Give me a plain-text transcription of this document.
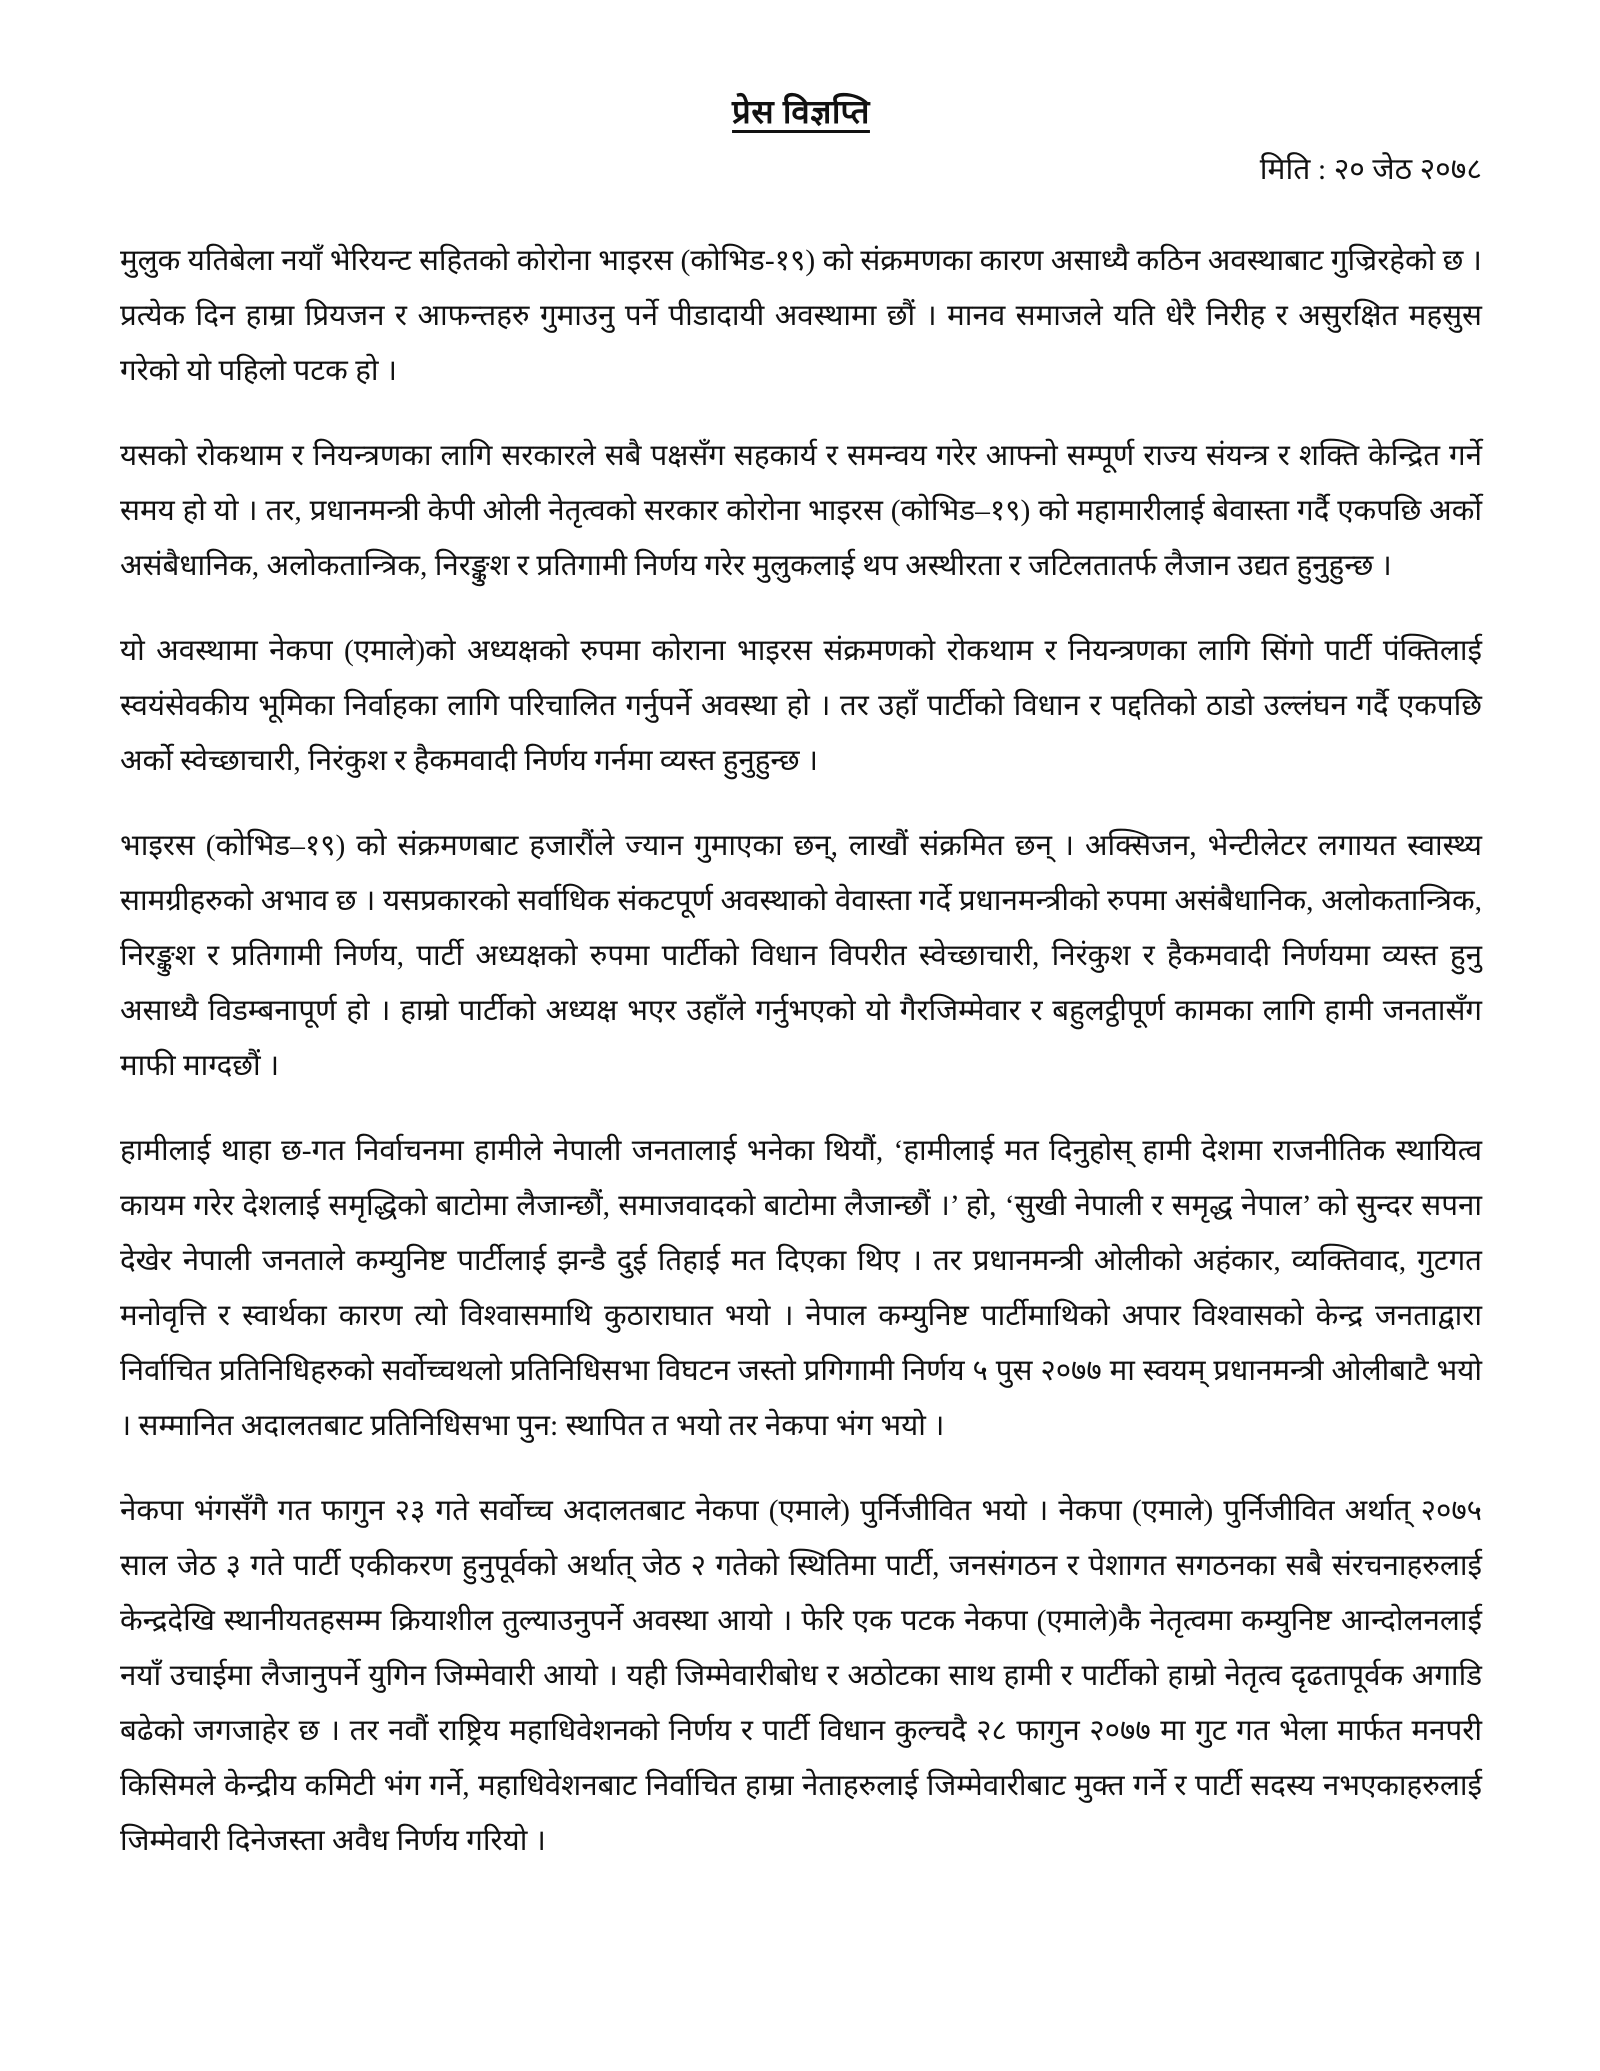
प्रेस विज्ञप्ति
मिति : २० जेठ २०७८

मुलुक यतिबेला नयाँ भेरियन्ट सहितको कोरोना भाइरस (कोभिड-१९) को संक्रमणका कारण असाध्यै कठिन अवस्थाबाट गुज्रिरहेको छ । प्रत्येक दिन हाम्रा प्रियजन र आफन्तहरु गुमाउनु पर्ने पीडादायी अवस्थामा छौं । मानव समाजले यति धेरै निरीह र असुरक्षित महसुस गरेको यो पहिलो पटक हो ।

यसको रोकथाम र नियन्त्रणका लागि सरकारले सबै पक्षसँग सहकार्य र समन्वय गरेर आफ्नो सम्पूर्ण राज्य संयन्त्र र शक्ति केन्द्रित गर्ने समय हो यो । तर, प्रधानमन्त्री केपी ओली नेतृत्वको सरकार कोरोना भाइरस (कोभिड–१९) को महामारीलाई बेवास्ता गर्दै एकपछि अर्को असंबैधानिक, अलोकतान्त्रिक, निरङ्कुश र प्रतिगामी निर्णय गरेर मुलुकलाई थप अस्थीरता र जटिलतातर्फ लैजान उद्यत हुनुहुन्छ ।

यो अवस्थामा नेकपा (एमाले)को अध्यक्षको रुपमा कोराना भाइरस संक्रमणको रोकथाम र नियन्त्रणका लागि सिंगो पार्टी पंक्तिलाई स्वयंसेवकीय भूमिका निर्वाहका लागि परिचालित गर्नुपर्ने अवस्था हो । तर उहाँ पार्टीको विधान र पद्दतिको ठाडो उल्लंघन गर्दै एकपछि अर्को स्वेच्छाचारी, निरंकुश र हैकमवादी निर्णय गर्नमा व्यस्त हुनुहुन्छ ।

भाइरस (कोभिड–१९) को संक्रमणबाट हजारौंले ज्यान गुमाएका छन्, लाखौं संक्रमित छन् । अक्सिजन, भेन्टीलेटर लगायत स्वास्थ्य सामग्रीहरुको अभाव छ । यसप्रकारको सर्वाधिक संकटपूर्ण अवस्थाको वेवास्ता गर्दे प्रधानमन्त्रीको रुपमा असंबैधानिक, अलोकतान्त्रिक, निरङ्कुश र प्रतिगामी निर्णय, पार्टी अध्यक्षको रुपमा पार्टीको विधान विपरीत स्वेच्छाचारी, निरंकुश र हैकमवादी निर्णयमा व्यस्त हुनु असाध्यै विडम्बनापूर्ण हो । हाम्रो पार्टीको अध्यक्ष भएर उहाँले गर्नुभएको यो गैरजिम्मेवार र बहुलट्ठीपूर्ण कामका लागि हामी जनतासँग माफी माग्दछौं ।

हामीलाई थाहा छ-गत निर्वाचनमा हामीले नेपाली जनतालाई भनेका थियौं, ‘हामीलाई मत दिनुहोस् हामी देशमा राजनीतिक स्थायित्व कायम गरेर देशलाई समृद्धिको बाटोमा लैजान्छौं, समाजवादको बाटोमा लैजान्छौं ।’ हो, ‘सुखी नेपाली र समृद्ध नेपाल’ को सुन्दर सपना देखेर नेपाली जनताले कम्युनिष्ट पार्टीलाई झन्डै दुई तिहाई मत दिएका थिए । तर प्रधानमन्त्री ओलीको अहंकार, व्यक्तिवाद, गुटगत मनोवृत्ति र स्वार्थका कारण त्यो विश्वासमाथि कुठाराघात भयो । नेपाल कम्युनिष्ट पार्टीमाथिको अपार विश्वासको केन्द्र जनताद्वारा निर्वाचित प्रतिनिधिहरुको सर्वोच्चथलो प्रतिनिधिसभा विघटन जस्तो प्रगिगामी निर्णय ५ पुस २०७७ मा स्वयम् प्रधानमन्त्री ओलीबाटै भयो । सम्मानित अदालतबाट प्रतिनिधिसभा पुन: स्थापित त भयो तर नेकपा भंग भयो ।

नेकपा भंगसँगै गत फागुन २३ गते सर्वोच्च अदालतबाट नेकपा (एमाले) पुर्निजीवित भयो । नेकपा (एमाले) पुर्निजीवित अर्थात् २०७५ साल जेठ ३ गते पार्टी एकीकरण हुनुपूर्वको अर्थात् जेठ २ गतेको स्थितिमा पार्टी, जनसंगठन र पेशागत सगठनका सबै संरचनाहरुलाई केन्द्रदेखि स्थानीयतहसम्म क्रियाशील तुल्याउनुपर्ने अवस्था आयो । फेरि एक पटक नेकपा (एमाले)कै नेतृत्वमा कम्युनिष्ट आन्दोलनलाई नयाँ उचाईमा लैजानुपर्ने युगिन जिम्मेवारी आयो । यही जिम्मेवारीबोध र अठोटका साथ हामी र पार्टीको हाम्रो नेतृत्व दृढतापूर्वक अगाडि बढेको जगजाहेर छ । तर नवौं राष्ट्रिय महाधिवेशनको निर्णय र पार्टी विधान कुल्चदै २८ फागुन २०७७ मा गुट गत भेला मार्फत मनपरी किसिमले केन्द्रीय कमिटी भंग गर्ने, महाधिवेशनबाट निर्वाचित हाम्रा नेताहरुलाई जिम्मेवारीबाट मुक्त गर्ने र पार्टी सदस्य नभएकाहरुलाई जिम्मेवारी दिनेजस्ता अवैध निर्णय गरियो ।
